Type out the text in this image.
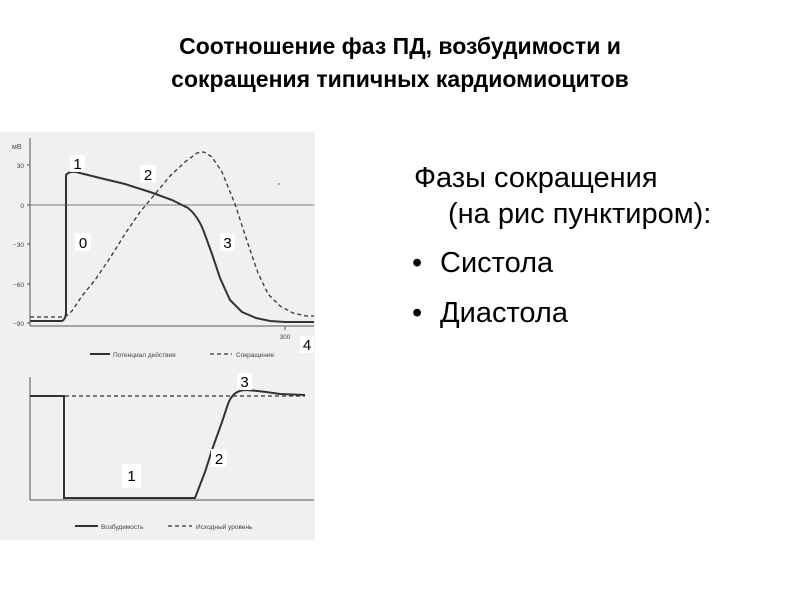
Соотношение фаз ПД, возбудимости и
сокращения типичных кардиомиоцитов
мВ
30
0
−30
−60
−90
300
1
2
0	3
4
Потенциал действия	Сокращение
3
2
1
Возбудимость	Исходный уровень
Фазы сокращения
(на рис пунктиром):
• Систола
• Диастола
